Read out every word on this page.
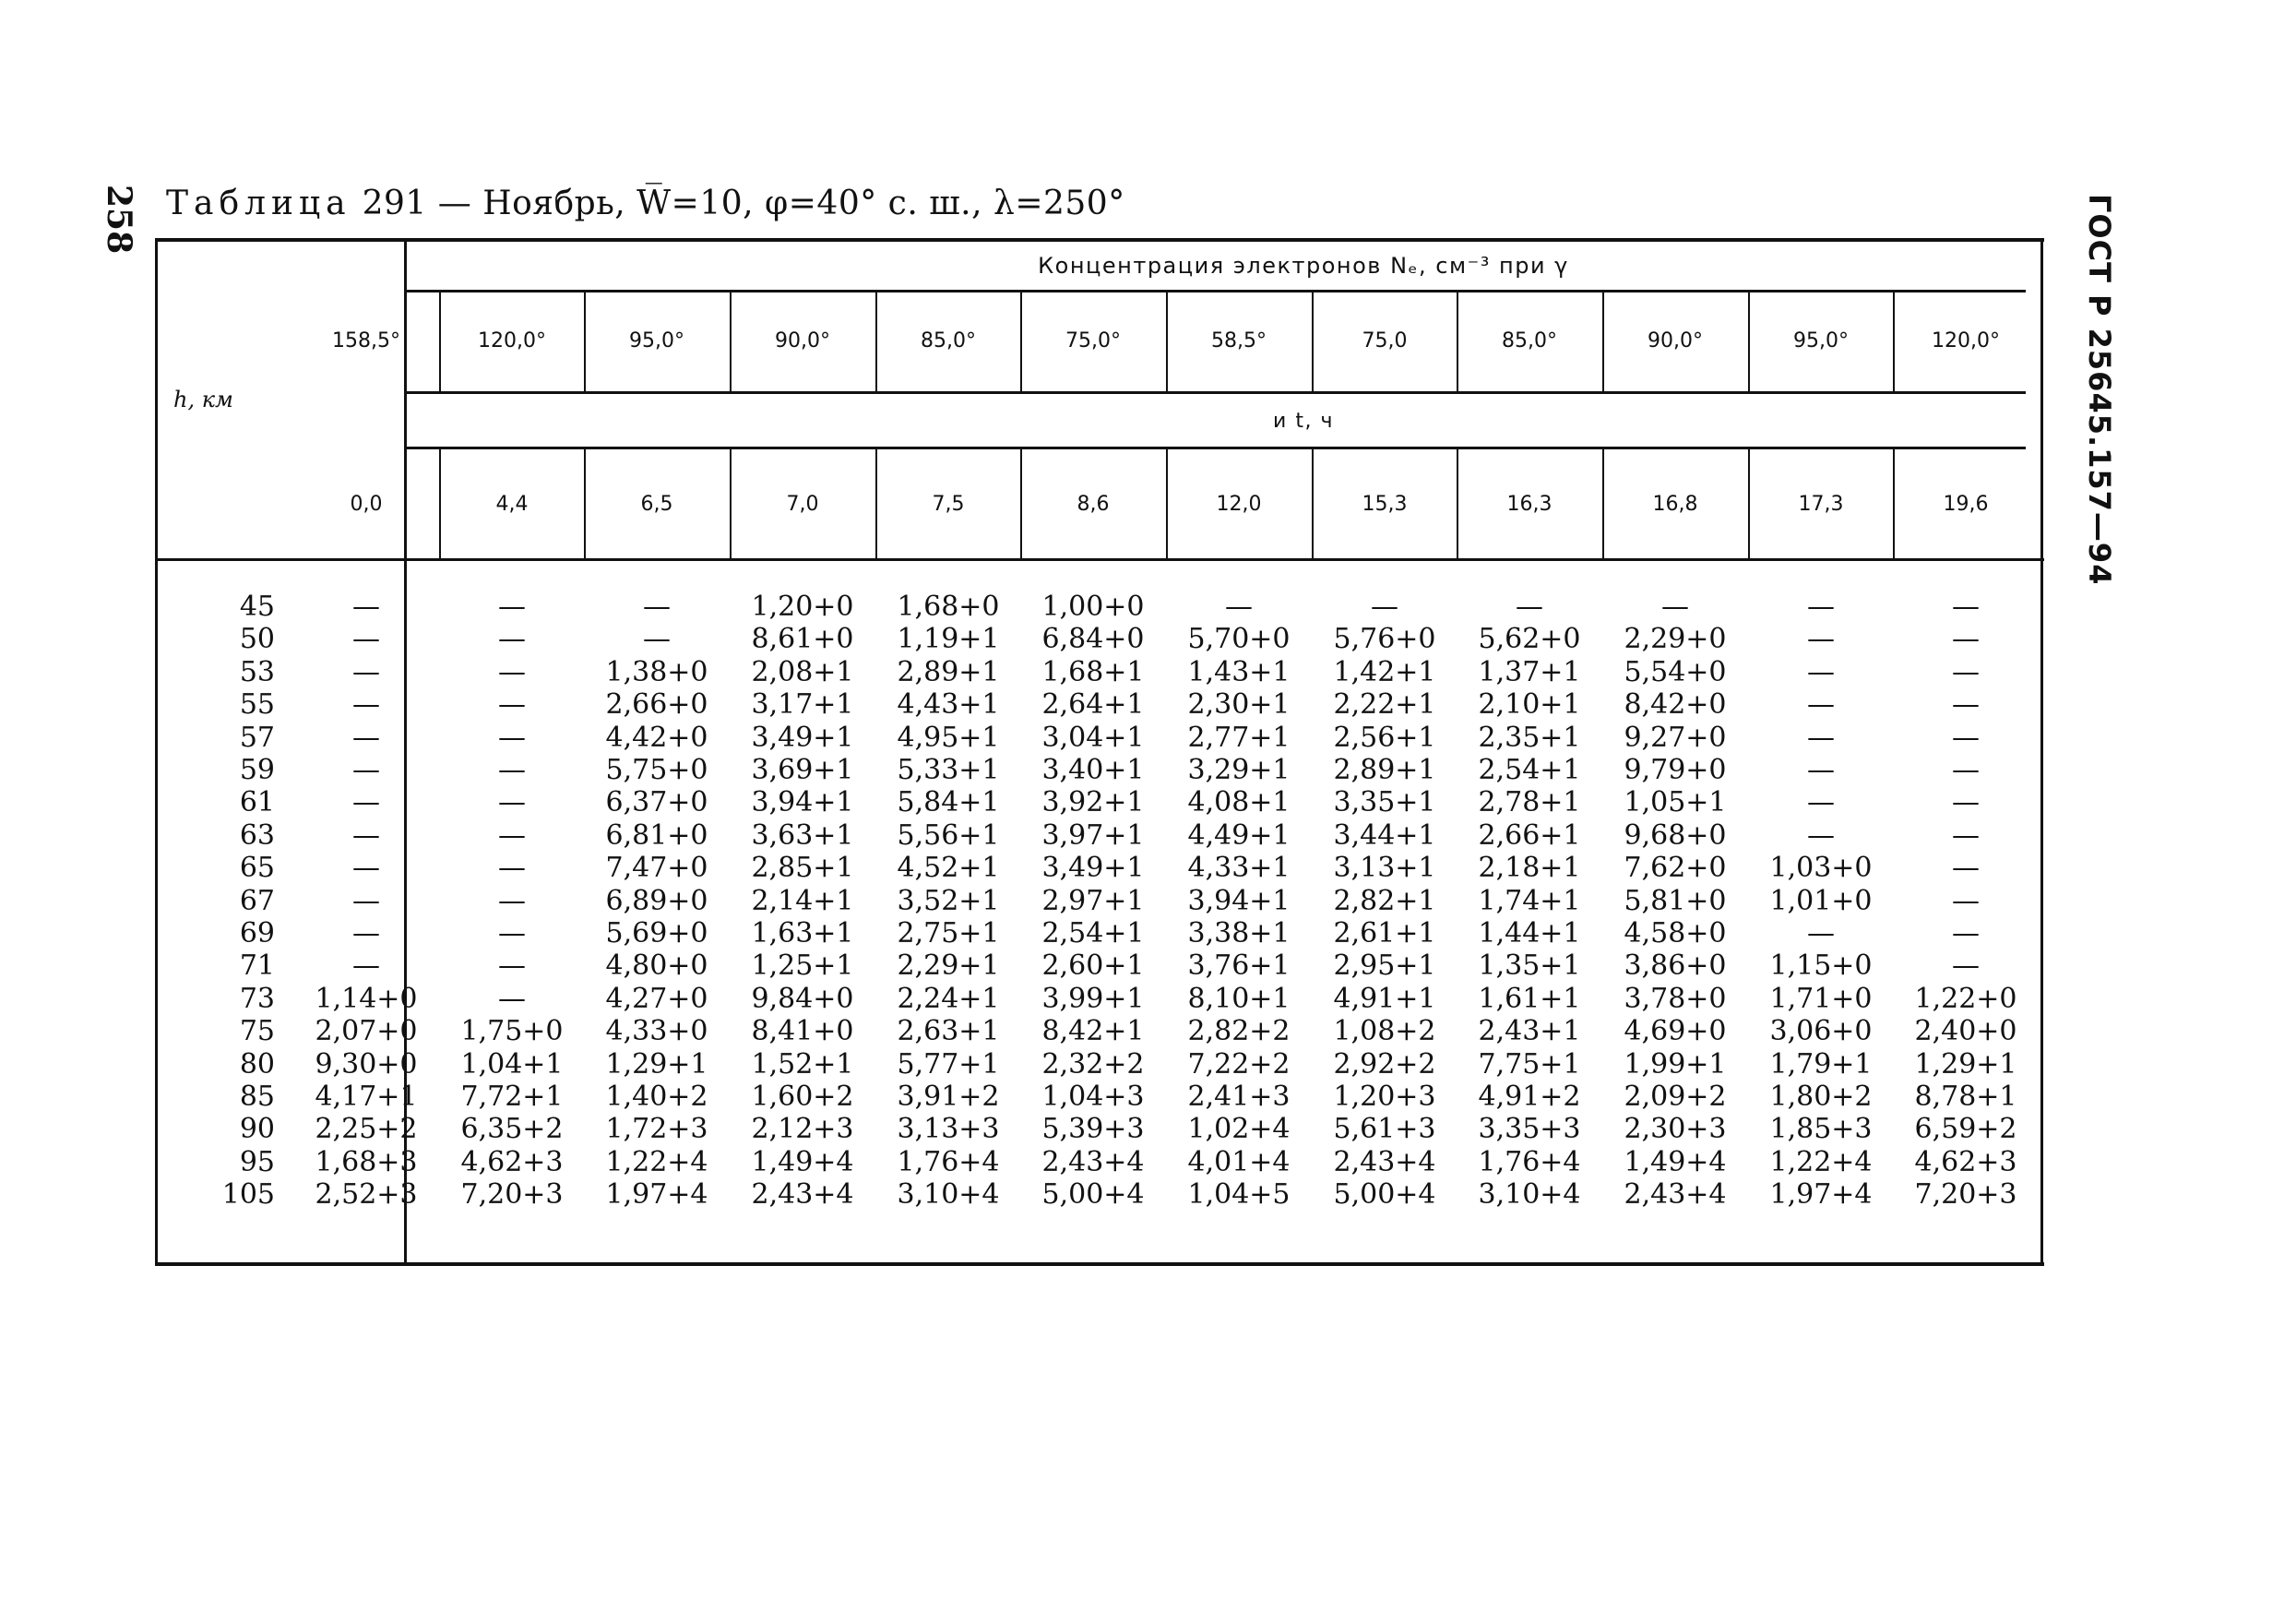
258	ГОСТ Р 25645.157—94
Таблица 291 — Ноябрь, W̅=10, φ=40° с. ш., λ=250°
h, км
Концентрация электронов Nₑ, см⁻³ при γ
и t, ч
158,5°	120,0°	95,0°	90,0°	85,0°	75,0°	58,5°	75,0	85,0°	90,0°	95,0°	120,0°
0,0	4,4	6,5	7,0	7,5	8,6	12,0	15,3	16,3	16,8	17,3	19,6
45	—	—	—	1,20+0	1,68+0	1,00+0	—	—	—	—	—	—
50	—	—	—	8,61+0	1,19+1	6,84+0	5,70+0	5,76+0	5,62+0	2,29+0	—	—
53	—	—	1,38+0	2,08+1	2,89+1	1,68+1	1,43+1	1,42+1	1,37+1	5,54+0	—	—
55	—	—	2,66+0	3,17+1	4,43+1	2,64+1	2,30+1	2,22+1	2,10+1	8,42+0	—	—
57	—	—	4,42+0	3,49+1	4,95+1	3,04+1	2,77+1	2,56+1	2,35+1	9,27+0	—	—
59	—	—	5,75+0	3,69+1	5,33+1	3,40+1	3,29+1	2,89+1	2,54+1	9,79+0	—	—
61	—	—	6,37+0	3,94+1	5,84+1	3,92+1	4,08+1	3,35+1	2,78+1	1,05+1	—	—
63	—	—	6,81+0	3,63+1	5,56+1	3,97+1	4,49+1	3,44+1	2,66+1	9,68+0	—	—
65	—	—	7,47+0	2,85+1	4,52+1	3,49+1	4,33+1	3,13+1	2,18+1	7,62+0	1,03+0	—
67	—	—	6,89+0	2,14+1	3,52+1	2,97+1	3,94+1	2,82+1	1,74+1	5,81+0	1,01+0	—
69	—	—	5,69+0	1,63+1	2,75+1	2,54+1	3,38+1	2,61+1	1,44+1	4,58+0	—	—
71	—	—	4,80+0	1,25+1	2,29+1	2,60+1	3,76+1	2,95+1	1,35+1	3,86+0	1,15+0	—
73	1,14+0	—	4,27+0	9,84+0	2,24+1	3,99+1	8,10+1	4,91+1	1,61+1	3,78+0	1,71+0	1,22+0
75	2,07+0	1,75+0	4,33+0	8,41+0	2,63+1	8,42+1	2,82+2	1,08+2	2,43+1	4,69+0	3,06+0	2,40+0
80	9,30+0	1,04+1	1,29+1	1,52+1	5,77+1	2,32+2	7,22+2	2,92+2	7,75+1	1,99+1	1,79+1	1,29+1
85	4,17+1	7,72+1	1,40+2	1,60+2	3,91+2	1,04+3	2,41+3	1,20+3	4,91+2	2,09+2	1,80+2	8,78+1
90	2,25+2	6,35+2	1,72+3	2,12+3	3,13+3	5,39+3	1,02+4	5,61+3	3,35+3	2,30+3	1,85+3	6,59+2
95	1,68+3	4,62+3	1,22+4	1,49+4	1,76+4	2,43+4	4,01+4	2,43+4	1,76+4	1,49+4	1,22+4	4,62+3
105	2,52+3	7,20+3	1,97+4	2,43+4	3,10+4	5,00+4	1,04+5	5,00+4	3,10+4	2,43+4	1,97+4	7,20+3
